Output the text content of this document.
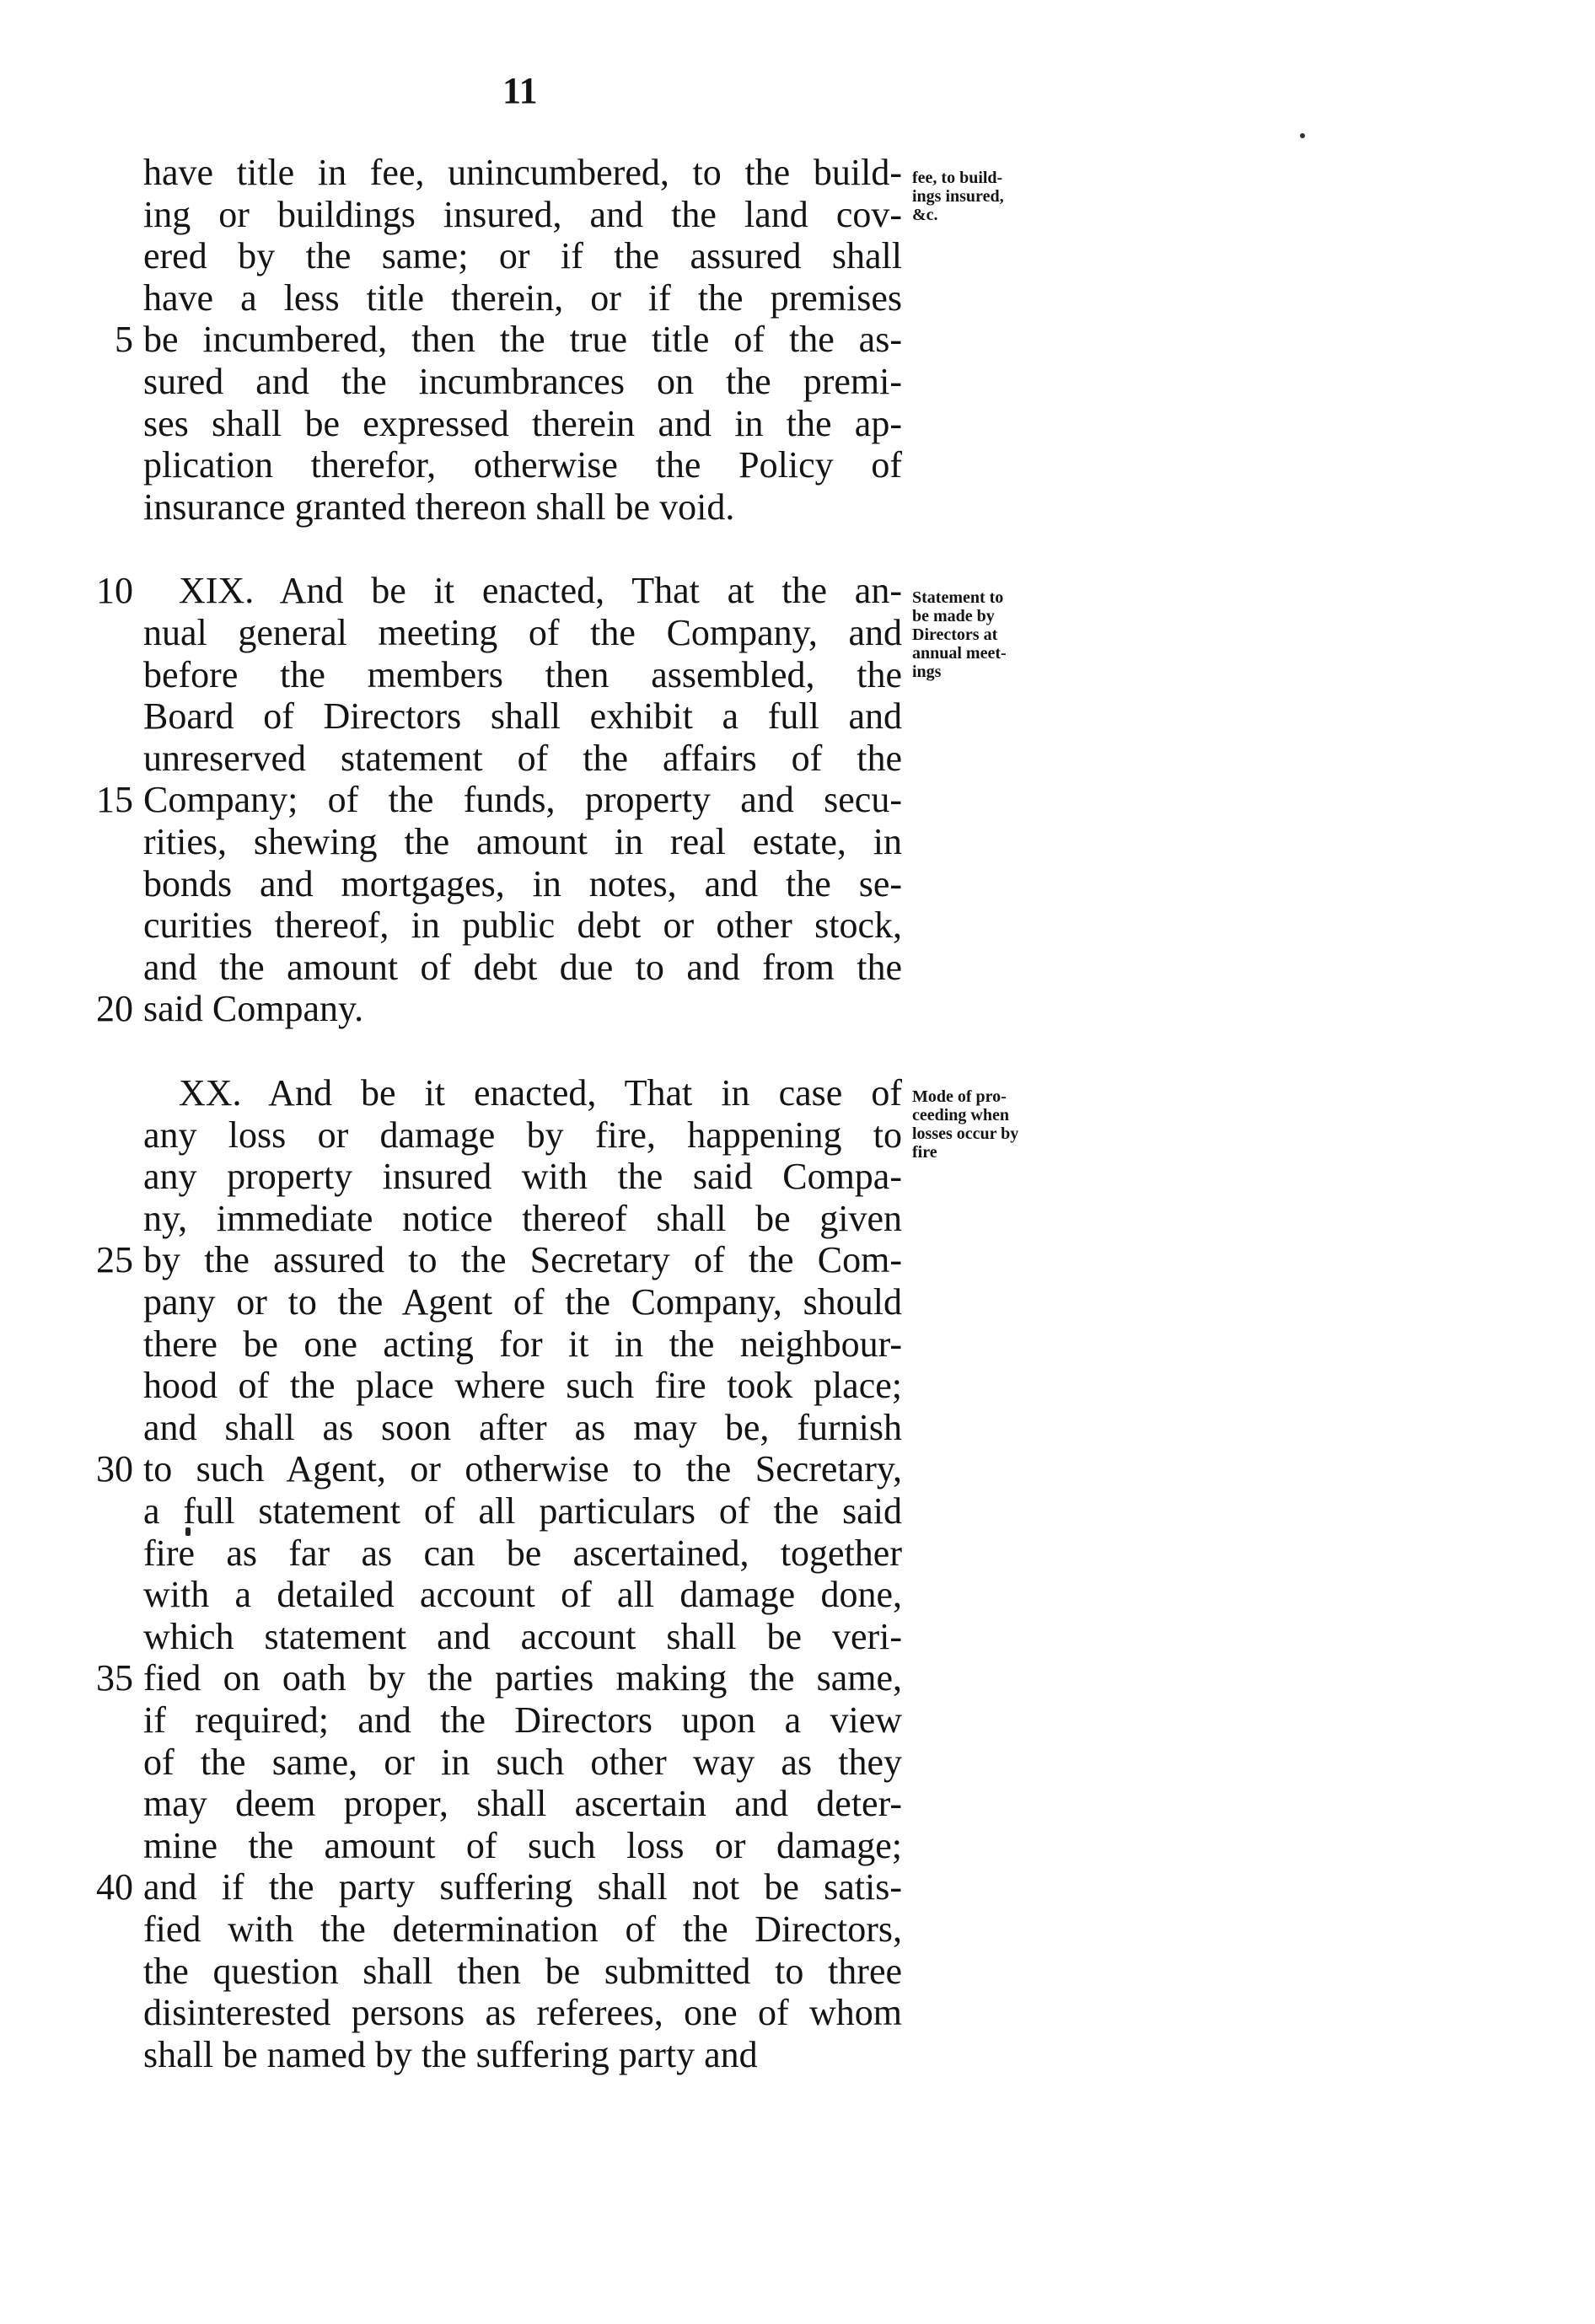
11
have title in fee, unincumbered, to the build-
ing or buildings insured, and the land cov-
ered by the same; or if the assured shall
have a less title therein, or if the premises
5 be incumbered, then the true title of the as-
sured and the incumbrances on the premi-
ses shall be expressed therein and in the ap-
plication therefor, otherwise the Policy of
insurance granted thereon shall be void.
10	XIX. And be it enacted, That at the an-
nual general meeting of the Company, and
before the members then assembled, the
Board of Directors shall exhibit a full and
unreserved statement of the affairs of the
15 Company; of the funds, property and secu-
rities, shewing the amount in real estate, in
bonds and mortgages, in notes, and the se-
curities thereof, in public debt or other stock,
and the amount of debt due to and from the
20 said Company.
XX. And be it enacted, That in case of
any loss or damage by fire, happening to
any property insured with the said Compa-
ny, immediate notice thereof shall be given
25 by the assured to the Secretary of the Com-
pany or to the Agent of the Company, should
there be one acting for it in the neighbour-
hood of the place where such fire took place;
and shall as soon after as may be, furnish
30 to such Agent, or otherwise to the Secretary,
a full statement of all particulars of the said
fire as far as can be ascertained, together
with a detailed account of all damage done,
which statement and account shall be veri-
35 fied on oath by the parties making the same,
if required; and the Directors upon a view
of the same, or in such other way as they
may deem proper, shall ascertain and deter-
mine the amount of such loss or damage;
40 and if the party suffering shall not be satis-
fied with the determination of the Directors,
the question shall then be submitted to three
disinterested persons as referees, one of whom
shall be named by the suffering party and
fee, to build-
ings insured,
&c.
Statement to
be made by
Directors at
annual meet-
ings
Mode of pro-
ceeding when
losses occur by
fire
